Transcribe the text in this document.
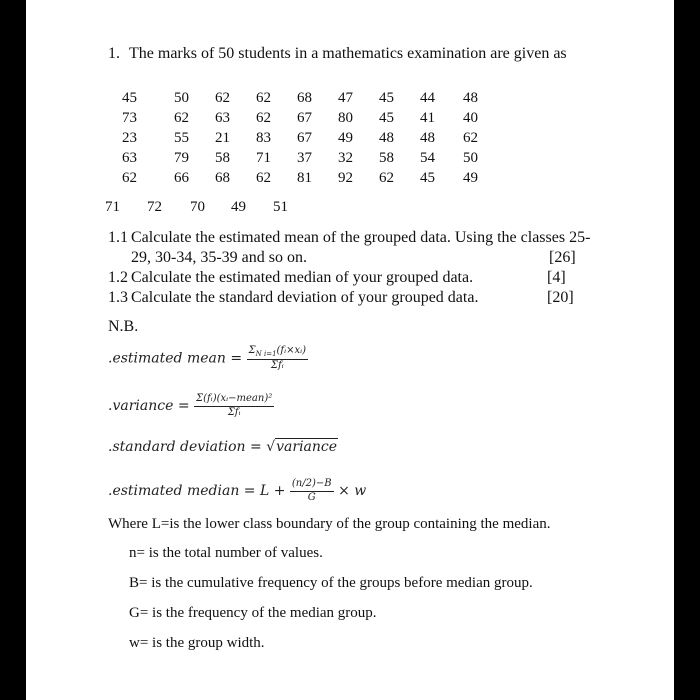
1. The marks of 50 students in a mathematics examination are given as
45	50	62	62	68	47	45	44	48
73	62	63	62	67	80	45	41	40
23	55	21	83	67	49	48	48	62
63	79	58	71	37	32	58	54	50
62	66	68	62	81	92	62	45	49
71 72 70 49 51
1.1 Calculate the estimated mean of the grouped data. Using the classes 25-
29, 30-34, 35-39 and so on.	[26]
1.2 Calculate the estimated median of your grouped data.	[4]
1.3 Calculate the standard deviation of your grouped data.	[20]
N.B.
.estimated mean = $\frac{\Sigma_{N i=1}(fᵢ\times xᵢ)}{\text{Σfᵢ}}$
.variance = $\frac{\text{Σ(fᵢ)(xᵢ−mean)²}}{\text{Σfᵢ}}$
.standard deviation = √variance
.estimated median = $L + \frac{(n/2)-B}{G} \times w$
Where L=is the lower class boundary of the group containing the median.
n= is the total number of values.
B= is the cumulative frequency of the groups before median group.
G= is the frequency of the median group.
w= is the group width.
